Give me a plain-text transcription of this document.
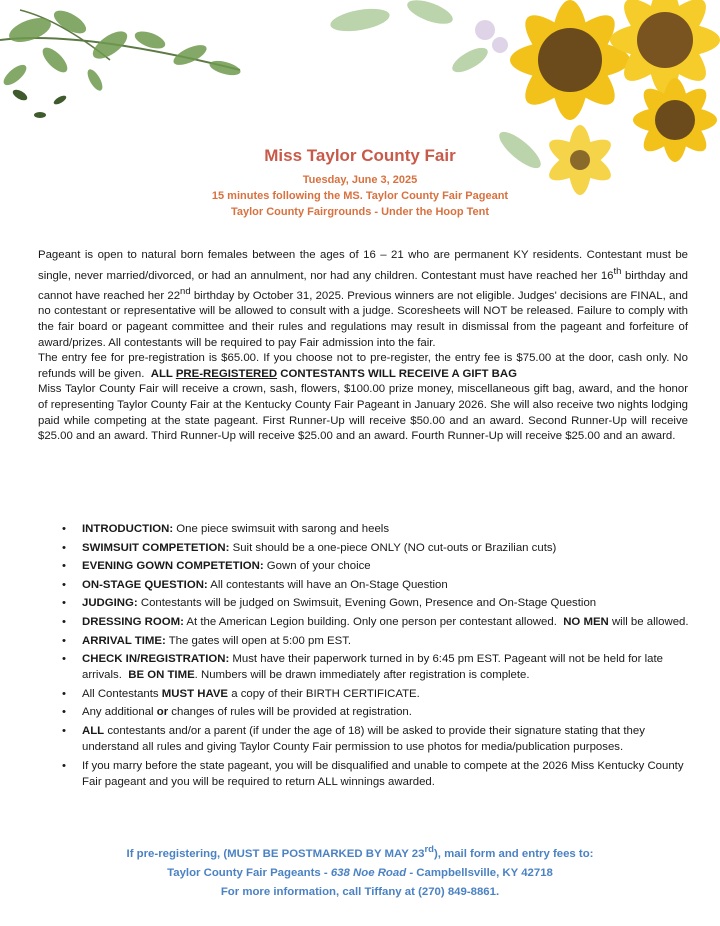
Miss Taylor County Fair
Tuesday, June 3, 2025
15 minutes following the MS. Taylor County Fair Pageant
Taylor County Fairgrounds - Under the Hoop Tent

Pageant is open to natural born females between the ages of 16 – 21 who are permanent KY residents. Contestant must be single, never married/divorced, or had an annulment, nor had any children. Contestant must have reached her 16th birthday and cannot have reached her 22nd birthday by October 31, 2025. Previous winners are not eligible. Judges' decisions are FINAL, and no contestant or representative will be allowed to consult with a judge. Scoresheets will NOT be released. Failure to comply with the fair board or pageant committee and their rules and regulations may result in dismissal from the pageant and forfeiture of award/prizes. All contestants will be required to pay Fair admission into the fair.

The entry fee for pre-registration is $65.00. If you choose not to pre-register, the entry fee is $75.00 at the door, cash only. No refunds will be given. ALL PRE-REGISTERED CONTESTANTS WILL RECEIVE A GIFT BAG

Miss Taylor County Fair will receive a crown, sash, flowers, $100.00 prize money, miscellaneous gift bag, award, and the honor of representing Taylor County Fair at the Kentucky County Fair Pageant in January 2026. She will also receive two nights lodging paid while competing at the state pageant. First Runner-Up will receive $50.00 and an award. Second Runner-Up will receive $25.00 and an award. Third Runner-Up will receive $25.00 and an award. Fourth Runner-Up will receive $25.00 and an award.

• INTRODUCTION: One piece swimsuit with sarong and heels
• SWIMSUIT COMPETETION: Suit should be a one-piece ONLY (NO cut-outs or Brazilian cuts)
• EVENING GOWN COMPETETION: Gown of your choice
• ON-STAGE QUESTION: All contestants will have an On-Stage Question
• JUDGING: Contestants will be judged on Swimsuit, Evening Gown, Presence and On-Stage Question
• DRESSING ROOM: At the American Legion building. Only one person per contestant allowed. NO MEN will be allowed.
• ARRIVAL TIME: The gates will open at 5:00 pm EST.
• CHECK IN/REGISTRATION: Must have their paperwork turned in by 6:45 pm EST. Pageant will not be held for late arrivals. BE ON TIME. Numbers will be drawn immediately after registration is complete.
• All Contestants MUST HAVE a copy of their BIRTH CERTIFICATE.
• Any additional or changes of rules will be provided at registration.
• ALL contestants and/or a parent (if under the age of 18) will be asked to provide their signature stating that they understand all rules and giving Taylor County Fair permission to use photos for media/publication purposes.
• If you marry before the state pageant, you will be disqualified and unable to compete at the 2026 Miss Kentucky County Fair pageant and you will be required to return ALL winnings awarded.
If pre-registering, (MUST BE POSTMARKED BY MAY 23rd), mail form and entry fees to:
Taylor County Fair Pageants - 638 Noe Road - Campbellsville, KY 42718
For more information, call Tiffany at (270) 849-8861.
